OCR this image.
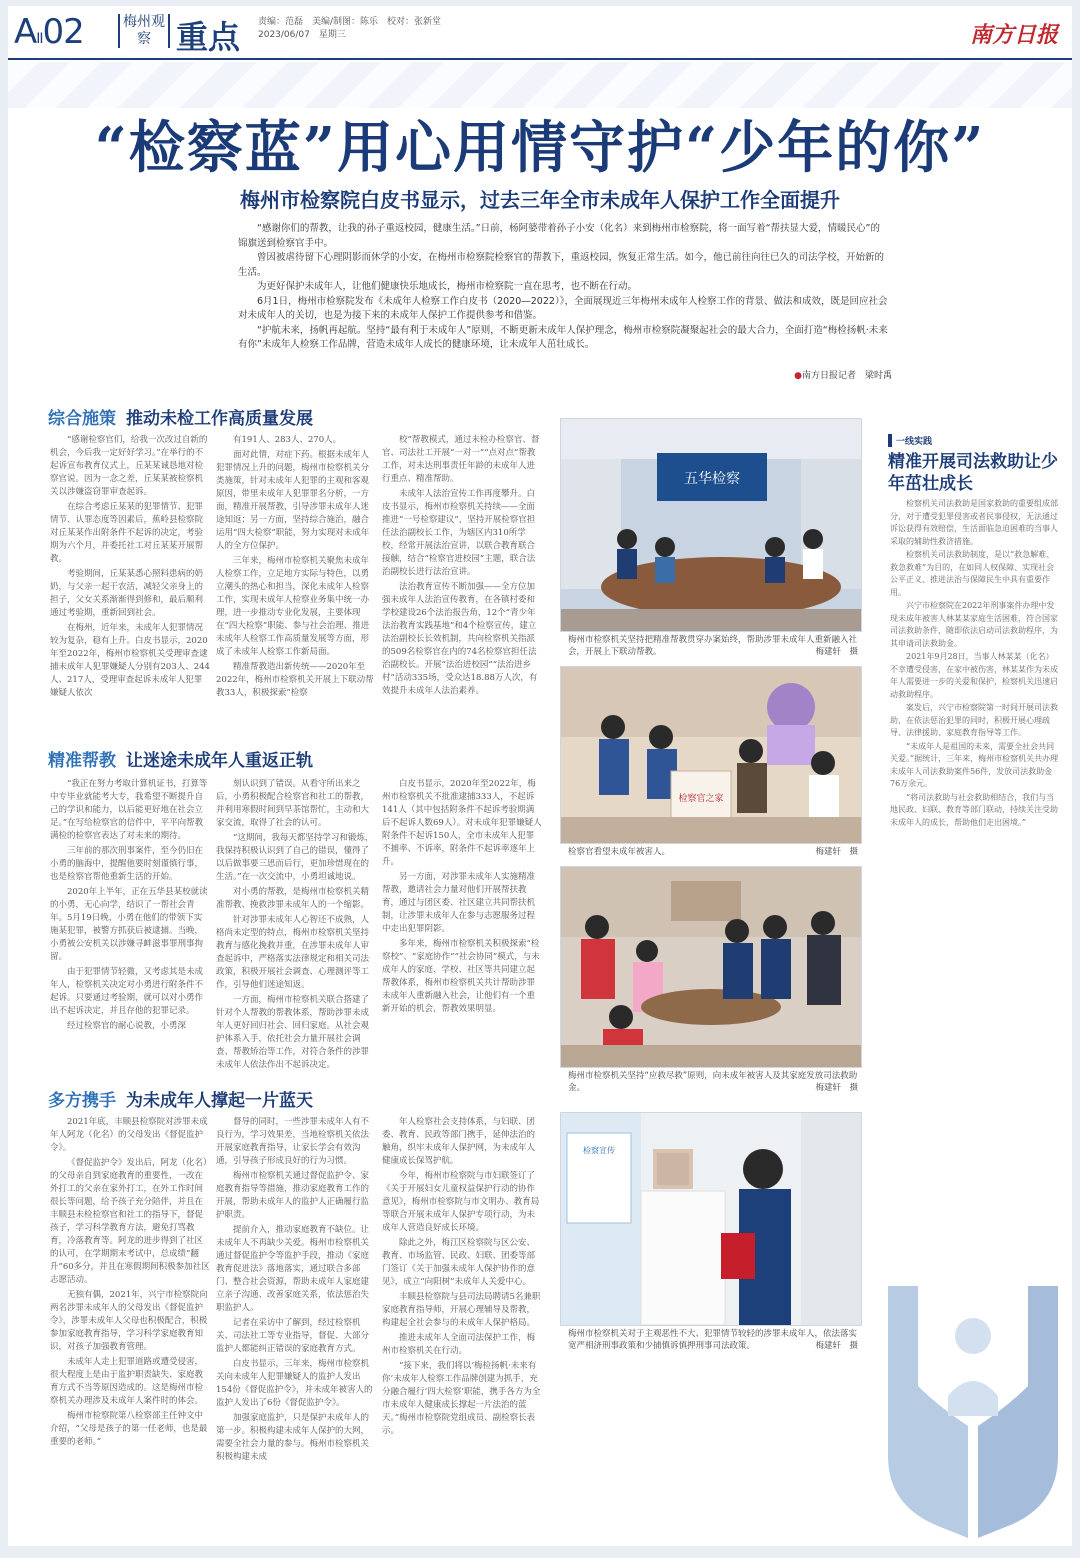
AII02	梅州观察 重点 责编：范磊　美编/制图：陈乐　校对：张新堂
2023/06/07　星期三	南方日报
“检察蓝”用心用情守护“少年的你”
梅州市检察院白皮书显示，过去三年全市未成年人保护工作全面提升

“感谢你们的帮教，让我的孙子重返校园，健康生活。”日前，杨阿婆带着孙子小安（化名）来到梅州市检察院，将一面写着“帮扶显大爱，情暖民心”的锦旗送到检察官手中。

曾因被虐待留下心理阴影而休学的小安，在梅州市检察院检察官的帮教下，重返校园，恢复正常生活。如今，他已前往向往已久的司法学校，开始新的生活。

为更好保护未成年人，让他们健康快乐地成长，梅州市检察院一直在思考，也不断在行动。

6月1日，梅州市检察院发布《未成年人检察工作白皮书（2020—2022）》，全面展现近三年梅州未成年人检察工作的背景、做法和成效，既是回应社会对未成年人的关切，也是为接下来的未成年人保护工作提供参考和借鉴。

“护航未来，扬帆再起航。坚持“最有利于未成年人”原则，不断更新未成年人保护理念，梅州市检察院凝聚起社会的最大合力，全面打造“梅检扬帆·未来有你”未成年人检察工作品牌，营造未成年人成长的健康环境，让未成年人茁壮成长。

●南方日报记者　梁时禹
综合施策 推动未检工作高质量发展

“感谢检察官们，给我一次改过自新的机会，今后我一定好好学习。”在举行的不起诉宣布教育仪式上，丘某某诚恳地对检察官说。因为一念之差，丘某某被检察机关以涉嫌盗窃罪审查起诉。

在综合考虑丘某某的犯罪情节、犯罪情节、认罪态度等因素后，蕉岭县检察院对丘某某作出附条件不起诉的决定，考验期为六个月，并委托社工对丘某某开展帮教。

考验期间，丘某某悉心照料患病的奶奶，与父亲一起干农活，减轻父亲身上的担子，父女关系渐渐得到修和，最后顺利通过考验期，重新回到社会。

在梅州，近年来，未成年人犯罪情况较为复杂，稳有上升。白皮书显示，2020年至2022年，梅州市检察机关受理审查逮捕未成年人犯罪嫌疑人分别有203人、244人、217人，受理审查起诉未成年人犯罪嫌疑人依次

有191人、283人、270人。

面对此情，对症下药。根据未成年人犯罪情况上升的问题，梅州市检察机关分类施策，针对未成年人犯罪的主观和客观原因，带里未成年人犯罪罪名分析，一方面，精准开展帮教，引导涉罪未成年人迷途知返；另一方面，坚持综合施治，融合运用“四大检察”职能，努力实现对未成年人的全方位保护。

三年来，梅州市检察机关聚焦未成年人检察工作，立足地方实际与特色，以勇立潮头的热心和担当，深化未成年人检察工作，实现未成年人检察业务集中统一办理，进一步推动专业化发展，主要体现在“四大检察”职能、参与社会治理、推进未成年人检察工作高质量发展等方面，形成了未成年人检察工作新局面。

精准帮教造出新传统——2020年至2022年，梅州市检察机关开展上下联动帮教33人，积极探索“检察

校”帮教模式，通过未检办检察官、督官、司法社工开展“一对一”“点对点”帮教工作，对未达刑事责任年龄的未成年人进行重点、精准帮助。

未成年人法治宣传工作再度攀升。白皮书显示，梅州市检察机关持续——全面推进“一号检察建议”，坚持开展检察官担任法治副校长工作，为辖区内310所学校，经常开展法治宣讲，以联合教育联合接触，结合“检察官进校园”主题，联合法治副校长进行法治宣讲。

法治教育宣传不断加强——全方位加强未成年人法治宣传教育，在各镇村委和学校建设26个法治报告角，12个“青少年法治教育实践基地”和4个检察宣传，建立法治副校长长效机制，共向检察机关指派的509名检察官在内的74名检察官担任法治副校长。开展“法治进校园”“法治进乡村”活动335场，受众达18.88万人次，有效提升未成年人法治素养。

精准帮教 让迷途未成年人重返正轨

“我正在努力考取计算机证书，打算等中专毕业就能考大专，我希望不断提升自己的学识和能力，以后能更好地在社会立足。”在写给检察官的信件中，平平向帮教满检的检察官表达了对未来的期待。

三年前的那次刑事案件，至今仍旧在小勇的脑海中，提醒他要时刻谨慎行事，也是检察官帮他重新生活的开始。

2020年上半年，正在五华县某校就读的小勇，无心向学，结识了一帮社会青年。5月19日晚，小勇在他们的带领下实施某犯罪，被警方抓获后被逮捕。当晚，小勇被公安机关以涉嫌寻衅滋事罪刑事拘留。

由于犯罪情节轻微，又考虑其是未成年人，检察机关决定对小勇进行附条件不起诉。只要通过考验期，就可以对小勇作出不起诉决定，并且存他的犯罪记录。

经过检察官的耐心说教，小勇深

刻认识到了错误。从看守所出来之后，小勇积极配合检察官和社工的帮教，并利用寒假时间到早茶馆帮忙，主动和大家交流，取得了社会的认可。

“这期间，我每天都坚持学习和锻炼，我保持积极认识到了自己的错误，懂得了以后做事要三思而后行，更加珍惜现在的生活。”在一次交流中，小勇坦诚地说。

对小勇的帮教，是梅州市检察机关精准帮教、挽救涉罪未成年人的一个缩影。

针对涉罪未成年人心智还不成熟，人格尚未定型的特点，梅州市检察机关坚持教育与感化挽救并重，在涉罪未成年人审查起诉中，严格落实法律规定和相关司法政策，积极开展社会调查、心理测评等工作，引导他们迷途知返。

一方面，梅州市检察机关联合搭建了针对个人帮教的帮教体系，帮助涉罪未成年人更好回归社会、回归家庭。从社会观护体系入手，依托社会力量开展社会调查、帮教矫治等工作，对符合条件的涉罪未成年人依法作出不起诉决定。

白皮书显示，2020年至2022年，梅州市检察机关不批准逮捕333人，不起诉141人（其中包括附条件不起诉考验期满后不起诉人数69人）。对未成年犯罪嫌疑人附条件不起诉150人，全市未成年人犯罪不捕率、不诉率，附条件不起诉率逐年上升。

另一方面，对涉罪未成年人实施精准帮教，邀请社会力量对他们开展帮扶教育，通过与团区委、社区建立共同帮扶机制，让涉罪未成年人在参与志愿服务过程中走出犯罪阴影。

多年来，梅州市检察机关积极探索“检察校”、“家庭协作”“社会协同”模式，与未成年人的家庭、学校、社区等共同建立起帮教体系，梅州市检察机关共计帮助涉罪未成年人重新融入社会，让他们有一个重新开始的机会，帮教效果明显。

多方携手 为未成年人撑起一片蓝天

2021年底，丰顺县检察院对涉罪未成年人阿龙（化名）的父母发出《督促监护令》。

《督促监护令》发出后，阿龙（化名）的父母亲自到家庭教育的重要性，一改在外打工的父亲在家外打工，在外工作时间很长等问题，给予孩子充分陪伴，并且在丰顺县未检检察官和社工的指导下，督促孩子，学习科学教育方法，避免打骂教育，冷落教育等。阿龙的进步得到了社区的认可，在学期期末考试中，总成绩“翻升”60多分，并且在寒假期间积极参加社区志愿活动。

无独有偶，2021年，兴宁市检察院向两名涉罪未成年人的父母发出《督促监护令》，涉罪未成年人父母也积极配合，积极参加家庭教育指导，学习科学家庭教育知识，对孩子加强教育管理。

未成年人走上犯罪道路或遭受侵害，很大程度上是由于监护职责缺失、家庭教育方式不当等原因造成的。这是梅州市检察机关办理涉及未成年人案件时的体会。

梅州市检察院第八检察部主任钟文中介绍，“父母是孩子的第一任老师，也是最重要的老师。”

督导的同时，一些涉罪未成年人有不良行为，学习效果差，当地检察机关依法开展家庭教育指导，让家长学会有效沟通，引导孩子形成良好的行为习惯。

梅州市检察机关通过督促监护令、家庭教育指导等措施，推动家庭教育工作的开展，帮助未成年人的监护人正确履行监护职责。

提前介入，推动家庭教育不缺位。让未成年人不再缺少关爱。梅州市检察机关通过督促监护令等监护手段，推动《家庭教育促进法》落地落实，通过联合多部门、整合社会资源，帮助未成年人家庭建立亲子沟通、改善家庭关系，依法惩治失职监护人。

记者在采访中了解到，经过检察机关、司法社工等专业指导，督促、大部分监护人都能纠正错误的家庭教育方式。

白皮书显示，三年来，梅州市检察机关向未成年人犯罪嫌疑人的监护人发出154份《督促监护令》，并未成年被害人的监护人发出了6份《督促监护令》。

加强家庭监护，只是保护未成年人的第一步。积极构建未成年人保护的大网，需要全社会力量的参与。梅州市检察机关积极构建未成

年人检察社会支持体系，与妇联、团委、教育、民政等部门携手，延伸法治的触角，织牢未成年人保护网，为未成年人健康成长保驾护航。

今年，梅州市检察院与市妇联签订了《关于开展妇女儿童权益保护行动的协作意见》，梅州市检察院与市文明办、教育局等联合开展未成年人保护专项行动，为未成年人营造良好成长环境。

除此之外，梅江区检察院与区公安、教育、市场监管、民政、妇联、团委等部门签订《关于加强未成年人保护协作的意见》，成立“向阳树”未成年人关爱中心。

丰顺县检察院与县司法局聘请5名兼职家庭教育指导师，开展心理辅导及帮教，构建起全社会参与的未成年人保护格局。

推进未成年人全面司法保护工作，梅州市检察机关在行动。

“接下来，我们将以‘梅检扬帆·未来有你’未成年人检察工作品牌创建为抓手，充分融合履行‘四大检察’职能，携手各方为全市未成年人健康成长撑起一片法治的蓝天。”梅州市检察院党组成员、副检察长表示。

五华检察
梅州市检察机关坚持把精准帮教贯穿办案始终，帮助涉罪未成年人重新融入社会，开展上下联动帮教。	梅建轩　摄
检察官之家
检察官看望未成年被害人。	梅建轩　摄
梅州市检察机关坚持“应救尽救”原则，向未成年被害人及其家庭发放司法救助金。	梅建轩　摄
检察宣传
梅州市检察机关对于主观恶性不大、犯罪情节较轻的涉罪未成年人，依法落实宽严相济刑事政策和少捕慎诉慎押刑事司法政策。	梅建轩　摄
一线实践
精准开展司法救助让少年茁壮成长

检察机关司法救助是国家救助的重要组成部分，对于遭受犯罪侵害或者民事侵权，无法通过诉讼获得有效赔偿，生活面临急迫困难的当事人采取的辅助性救济措施。

检察机关司法救助制度，是以“救急解难、救急救难”为目的，在如同人权保障、实现社会公平正义、推进法治与保障民生中具有重要作用。

兴宁市检察院在2022年刑事案件办理中发现未成年被害人林某某家庭生活困难，符合国家司法救助条件，随即依法启动司法救助程序，为其申请司法救助金。

2021年9月28日，当事人林某某（化名）不幸遭受侵害，在家中被伤害，林某某作为未成年人需要进一步的关爱和保护，检察机关迅速启动救助程序。

案发后，兴宁市检察院第一时间开展司法救助，在依法惩治犯罪的同时，积极开展心理疏导、法律援助、家庭教育指导等工作。

“未成年人是祖国的未来，需要全社会共同关爱。”据统计，三年来，梅州市检察机关共办理未成年人司法救助案件56件，发放司法救助金76万余元。

“将司法救助与社会救助相结合，我们与当地民政、妇联、教育等部门联动，持续关注受助未成年人的成长，帮助他们走出困境。”
